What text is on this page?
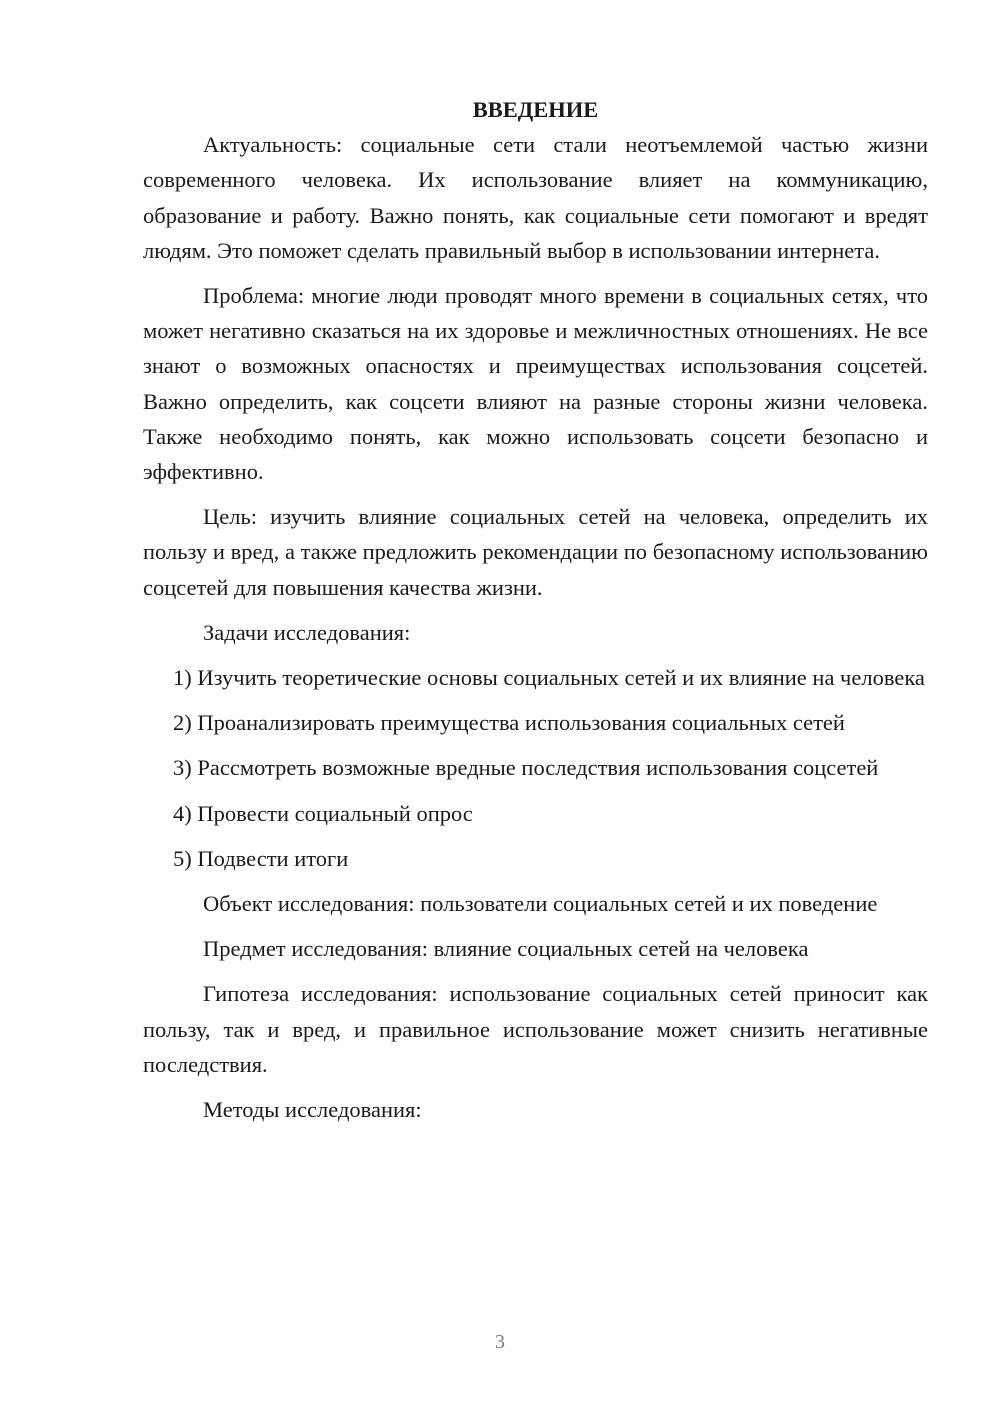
ВВЕДЕНИЕ

Актуальность: социальные сети стали неотъемлемой частью жизни современного человека. Их использование влияет на коммуникацию, образование и работу. Важно понять, как социальные сети помогают и вредят людям. Это поможет сделать правильный выбор в использовании интернета.

Проблема: многие люди проводят много времени в социальных сетях, что может негативно сказаться на их здоровье и межличностных отношениях. Не все знают о возможных опасностях и преимуществах использования соцсетей. Важно определить, как соцсети влияют на разные стороны жизни человека. Также необходимо понять, как можно использовать соцсети безопасно и эффективно.

Цель: изучить влияние социальных сетей на человека, определить их пользу и вред, а также предложить рекомендации по безопасному использованию соцсетей для повышения качества жизни.

Задачи исследования:

1) Изучить теоретические основы социальных сетей и их влияние на человека

2) Проанализировать преимущества использования социальных сетей

3) Рассмотреть возможные вредные последствия использования соцсетей

4) Провести социальный опрос

5) Подвести итоги

Объект исследования: пользователи социальных сетей и их поведение

Предмет исследования: влияние социальных сетей на человека

Гипотеза исследования: использование социальных сетей приносит как пользу, так и вред, и правильное использование может снизить негативные последствия.

Методы исследования:

3
